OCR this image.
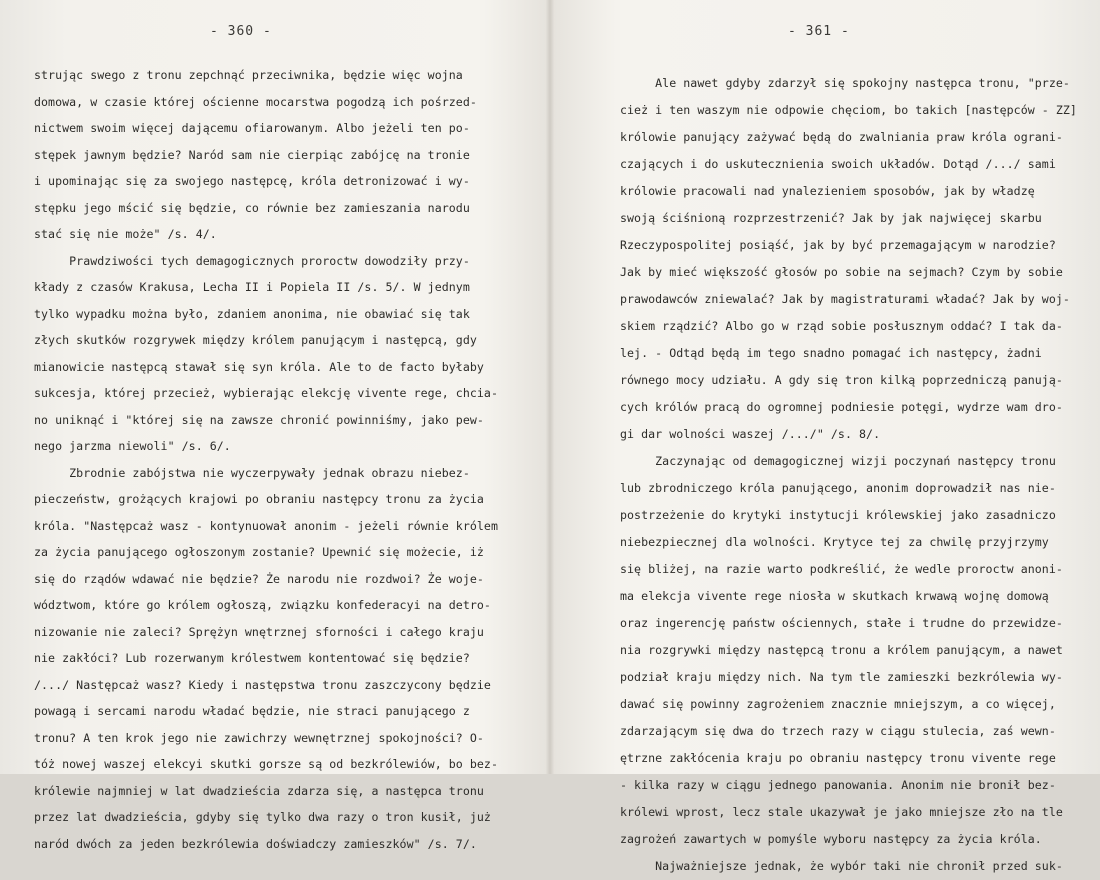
- 360 -
strując swego z tronu zepchnąć przeciwnika, będzie więc wojna
domowa, w czasie której ościenne mocarstwa pogodzą ich pośrzed-
nictwem swoim więcej dającemu ofiarowanym. Albo jeżeli ten po-
stępek jawnym będzie? Naród sam nie cierpiąc zabójcę na tronie
i upominając się za swojego następcę, króla detronizować i wy-
stępku jego mścić się będzie, co równie bez zamieszania narodu
stać się nie może" /s. 4/.
Prawdziwości tych demagogicznych proroctw dowodziły przy-
kłady z czasów Krakusa, Lecha II i Popiela II /s. 5/. W jednym
tylko wypadku można było, zdaniem anonima, nie obawiać się tak
złych skutków rozgrywek między królem panującym i następcą, gdy
mianowicie następcą stawał się syn króla. Ale to de facto byłaby
sukcesja, której przecież, wybierając elekcję vivente rege, chcia-
no uniknąć i "której się na zawsze chronić powinniśmy, jako pew-
nego jarzma niewoli" /s. 6/.
Zbrodnie zabójstwa nie wyczerpywały jednak obrazu niebez-
pieczeństw, grożących krajowi po obraniu następcy tronu za życia
króla. "Następcaż wasz - kontynuował anonim - jeżeli równie królem
za życia panującego ogłoszonym zostanie? Upewnić się możecie, iż
się do rządów wdawać nie będzie? Że narodu nie rozdwoi? Że woje-
wództwom, które go królem ogłoszą, związku konfederacyi na detro-
nizowanie nie zaleci? Sprężyn wnętrznej sforności i całego kraju
nie zakłóci? Lub rozerwanym królestwem kontentować się będzie?
/.../ Następcaż wasz? Kiedy i następstwa tronu zaszczycony będzie
powagą i sercami narodu władać będzie, nie straci panującego z
tronu? A ten krok jego nie zawichrzy wewnętrznej spokojności? O-
tóż nowej waszej elekcyi skutki gorsze są od bezkrólewiów, bo bez-
królewie najmniej w lat dwadzieścia zdarza się, a następca tronu
przez lat dwadzieścia, gdyby się tylko dwa razy o tron kusił, już
naród dwóch za jeden bezkrólewia doświadczy zamieszków" /s. 7/.
- 361 -
Ale nawet gdyby zdarzył się spokojny następca tronu, "prze-
cież i ten waszym nie odpowie chęciom, bo takich [następców - ZZ]
królowie panujący zażywać będą do zwalniania praw króla ograni-
czających i do uskutecznienia swoich układów. Dotąd /.../ sami
królowie pracowali nad ynalezieniem sposobów, jak by władzę
swoją ściśnioną rozprzestrzenić? Jak by jak najwięcej skarbu
Rzeczypospolitej posiąść, jak by być przemagającym w narodzie?
Jak by mieć większość głosów po sobie na sejmach? Czym by sobie
prawodawców zniewalać? Jak by magistraturami władać? Jak by woj-
skiem rządzić? Albo go w rząd sobie posłusznym oddać? I tak da-
lej. - Odtąd będą im tego snadno pomagać ich następcy, żadni
równego mocy udziału. A gdy się tron kilką poprzedniczą panują-
cych królów pracą do ogromnej podniesie potęgi, wydrze wam dro-
gi dar wolności waszej /.../" /s. 8/.
Zaczynając od demagogicznej wizji poczynań następcy tronu
lub zbrodniczego króla panującego, anonim doprowadził nas nie-
postrzeżenie do krytyki instytucji królewskiej jako zasadniczo
niebezpiecznej dla wolności. Krytyce tej za chwilę przyjrzymy
się bliżej, na razie warto podkreślić, że wedle proroctw anoni-
ma elekcja vivente rege niosła w skutkach krwawą wojnę domową
oraz ingerencję państw ościennych, stałe i trudne do przewidze-
nia rozgrywki między następcą tronu a królem panującym, a nawet
podział kraju między nich. Na tym tle zamieszki bezkrólewia wy-
dawać się powinny zagrożeniem znacznie mniejszym, a co więcej,
zdarzającym się dwa do trzech razy w ciągu stulecia, zaś wewn-
ętrzne zakłócenia kraju po obraniu następcy tronu vivente rege
- kilka razy w ciągu jednego panowania. Anonim nie bronił bez-
królewi wprost, lecz stale ukazywał je jako mniejsze zło na tle
zagrożeń zawartych w pomyśle wyboru następcy za życia króla.
Najważniejsze jednak, że wybór taki nie chronił przed suk-
